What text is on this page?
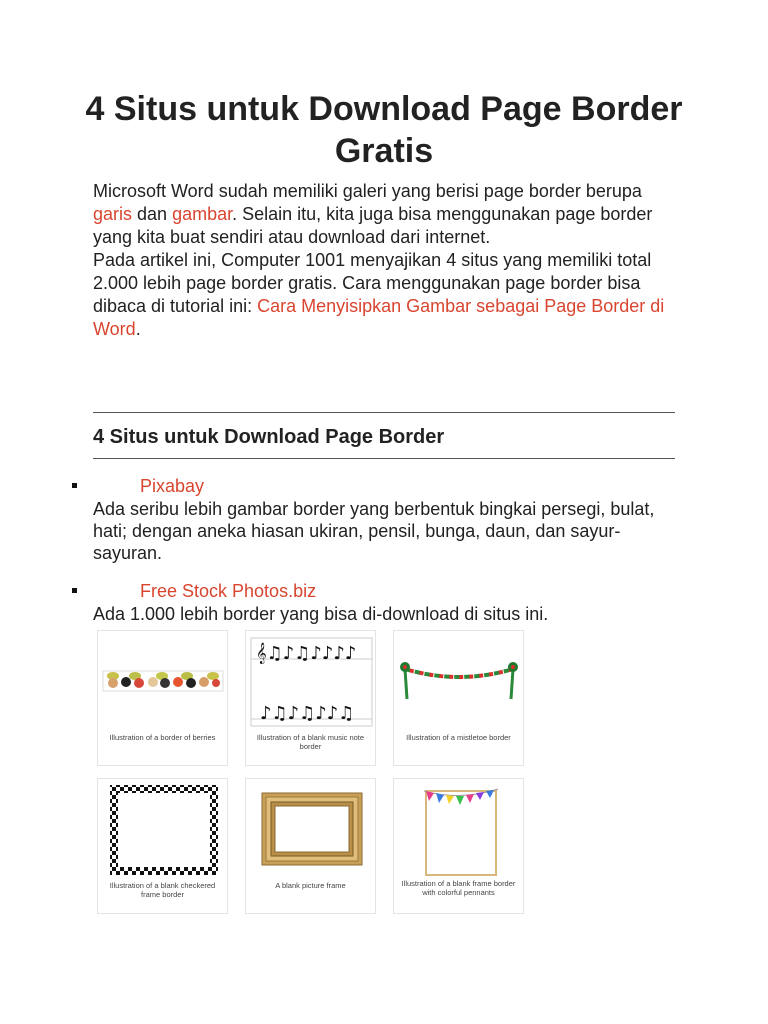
4 Situs untuk Download Page Border Gratis

Microsoft Word sudah memiliki galeri yang berisi page border berupa garis dan gambar. Selain itu, kita juga bisa menggunakan page border yang kita buat sendiri atau download dari internet.

Pada artikel ini, Computer 1001 menyajikan 4 situs yang memiliki total 2.000 lebih page border gratis. Cara menggunakan page border bisa dibaca di tutorial ini: Cara Menyisipkan Gambar sebagai Page Border di Word.

4 Situs untuk Download Page Border
Pixabay

Ada seribu lebih gambar border yang berbentuk bingkai persegi, bulat, hati; dengan aneka hiasan ukiran, pensil, bunga, daun, dan sayur-sayuran.

Free Stock Photos.biz

Ada 1.000 lebih border yang bisa di-download di situs ini.

Illustration of a border of berries
𝄞♫♪♫♪♪♪♪
♪♫♪♫♪♪♫
Illustration of a blank music note border
Illustration of a mistletoe border
Illustration of a blank checkered frame border
A blank picture frame	Illustration of a blank frame border with colorful pennants
